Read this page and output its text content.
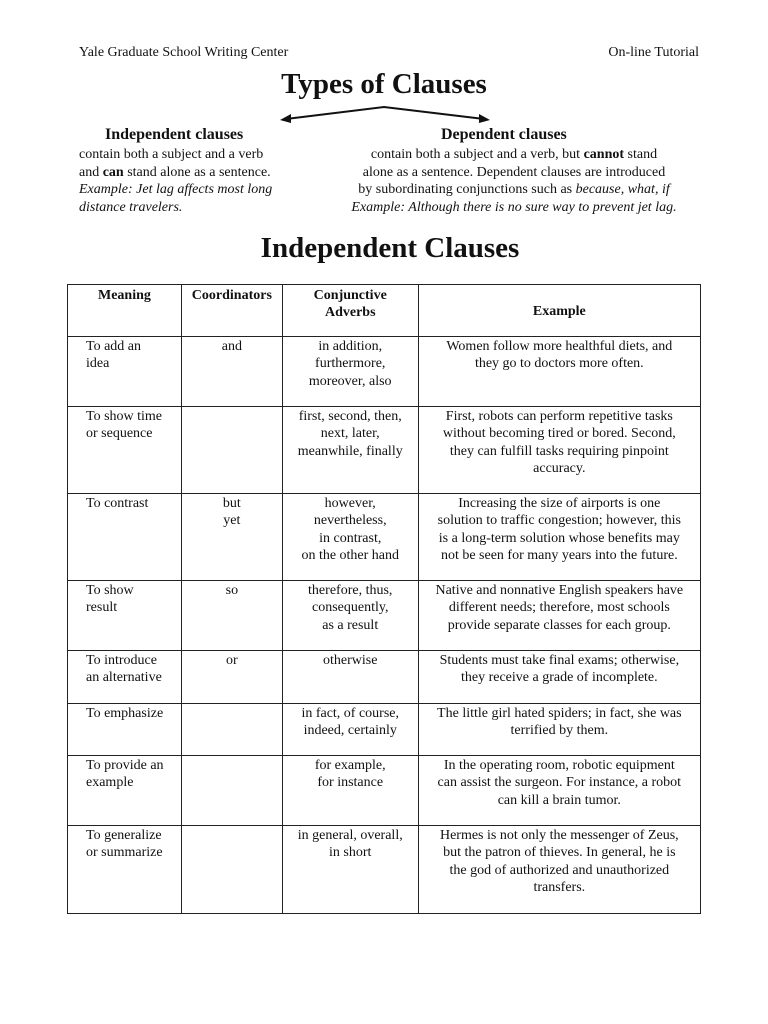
Yale Graduate School Writing Center	On-line Tutorial
Types of Clauses
Independent clauses	Dependent clauses
contain both a subject and a verb
and can stand alone as a sentence.
Example: Jet lag affects most long
distance travelers.
contain both a subject and a verb, but cannot stand
alone as a sentence. Dependent clauses are introduced
by subordinating conjunctions such as because, what, if
Example: Although there is no sure way to prevent jet lag.
Independent Clauses
Meaning	Coordinators	Conjunctive
Adverbs	Example
To add an
idea	and	in addition,
furthermore,
moreover, also	Women follow more healthful diets, and
they go to doctors more often.
To show time
or sequence		first, second, then,
next, later,
meanwhile, finally	First, robots can perform repetitive tasks
without becoming tired or bored. Second,
they can fulfill tasks requiring pinpoint
accuracy.
To contrast	but
yet	however,
nevertheless,
in contrast,
on the other hand	Increasing the size of airports is one
solution to traffic congestion; however, this
is a long-term solution whose benefits may
not be seen for many years into the future.
To show
result	so	therefore, thus,
consequently,
as a result	Native and nonnative English speakers have
different needs; therefore, most schools
provide separate classes for each group.
To introduce
an alternative	or	otherwise	Students must take final exams; otherwise,
they receive a grade of incomplete.
To emphasize		in fact, of course,
indeed, certainly	The little girl hated spiders; in fact, she was
terrified by them.
To provide an
example		for example,
for instance	In the operating room, robotic equipment
can assist the surgeon. For instance, a robot
can kill a brain tumor.
To generalize
or summarize		in general, overall,
in short	Hermes is not only the messenger of Zeus,
but the patron of thieves. In general, he is
the god of authorized and unauthorized
transfers.
